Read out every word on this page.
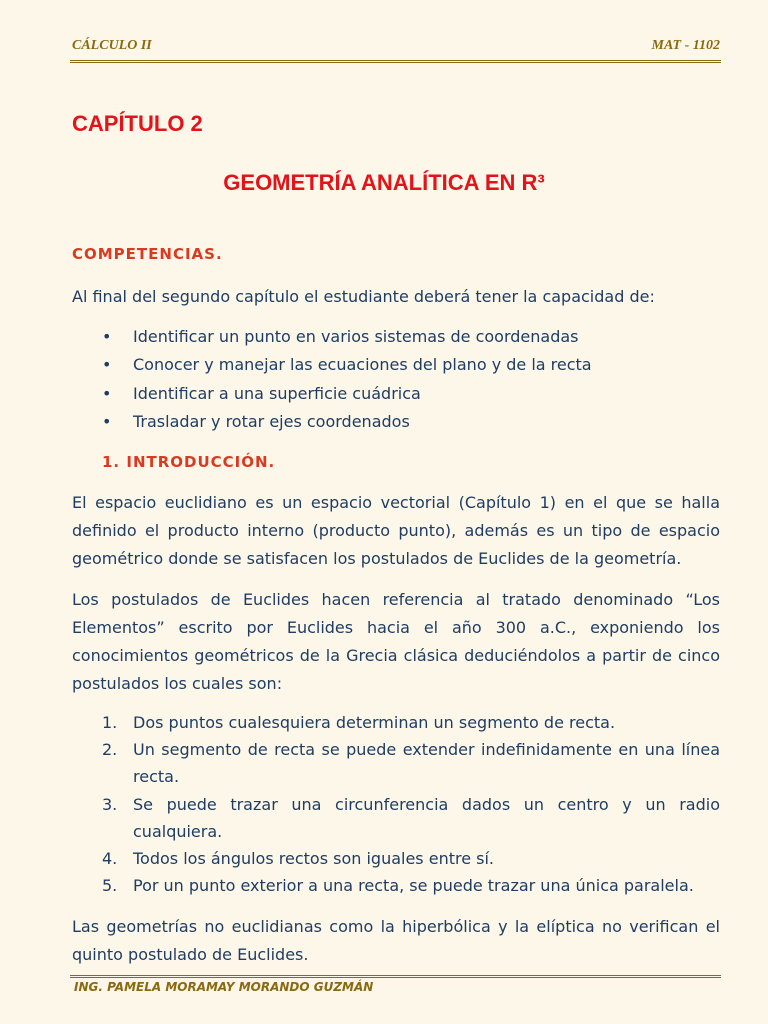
CÁLCULO II	MAT - 1102
CAPÍTULO 2
GEOMETRÍA ANALÍTICA EN R³
COMPETENCIAS.
Al final del segundo capítulo el estudiante deberá tener la capacidad de:
• Identificar un punto en varios sistemas de coordenadas
• Conocer y manejar las ecuaciones del plano y de la recta
• Identificar a una superficie cuádrica
• Trasladar y rotar ejes coordenados
1. INTRODUCCIÓN.
El espacio euclidiano es un espacio vectorial (Capítulo 1) en el que se halla definido el producto interno (producto punto), además es un tipo de espacio geométrico donde se satisfacen los postulados de Euclides de la geometría.
Los postulados de Euclides hacen referencia al tratado denominado “Los Elementos” escrito por Euclides hacia el año 300 a.C., exponiendo los conocimientos geométricos de la Grecia clásica deduciéndolos a partir de cinco postulados los cuales son:
1. Dos puntos cualesquiera determinan un segmento de recta.
2. Un segmento de recta se puede extender indefinidamente en una línea recta.
3. Se puede trazar una circunferencia dados un centro y un radio cualquiera.
4. Todos los ángulos rectos son iguales entre sí.
5. Por un punto exterior a una recta, se puede trazar una única paralela.
Las geometrías no euclidianas como la hiperbólica y la elíptica no verifican el quinto postulado de Euclides.
ING. PAMELA MORAMAY MORANDO GUZMÁN
